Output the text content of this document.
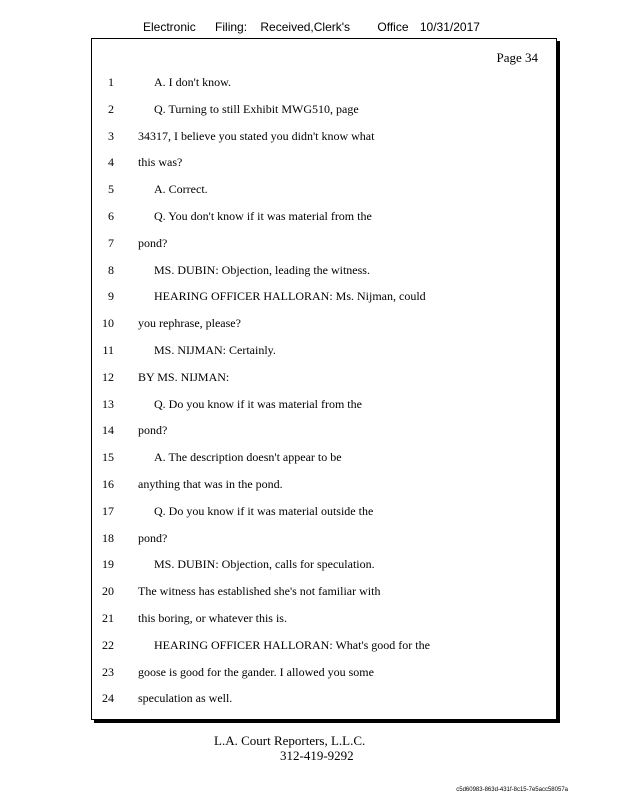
Electronic Filing: Received,Clerk's Office 10/31/2017
Page 34
1	A. I don't know.
2	Q. Turning to still Exhibit MWG510, page
3 34317, I believe you stated you didn't know what
4 this was?
5	A. Correct.
6	Q. You don't know if it was material from the
7 pond?
8	MS. DUBIN: Objection, leading the witness.
9	HEARING OFFICER HALLORAN: Ms. Nijman, could
10 you rephrase, please?
11	MS. NIJMAN: Certainly.
12 BY MS. NIJMAN:
13	Q. Do you know if it was material from the
14 pond?
15	A. The description doesn't appear to be
16 anything that was in the pond.
17	Q. Do you know if it was material outside the
18 pond?
19	MS. DUBIN: Objection, calls for speculation.
20 The witness has established she's not familiar with
21 this boring, or whatever this is.
22	HEARING OFFICER HALLORAN: What's good for the
23 goose is good for the gander. I allowed you some
24 speculation as well.
L.A. Court Reporters, L.L.C.
312-419-9292
c5d60983-863d-431f-8c15-7e5acc58057a
